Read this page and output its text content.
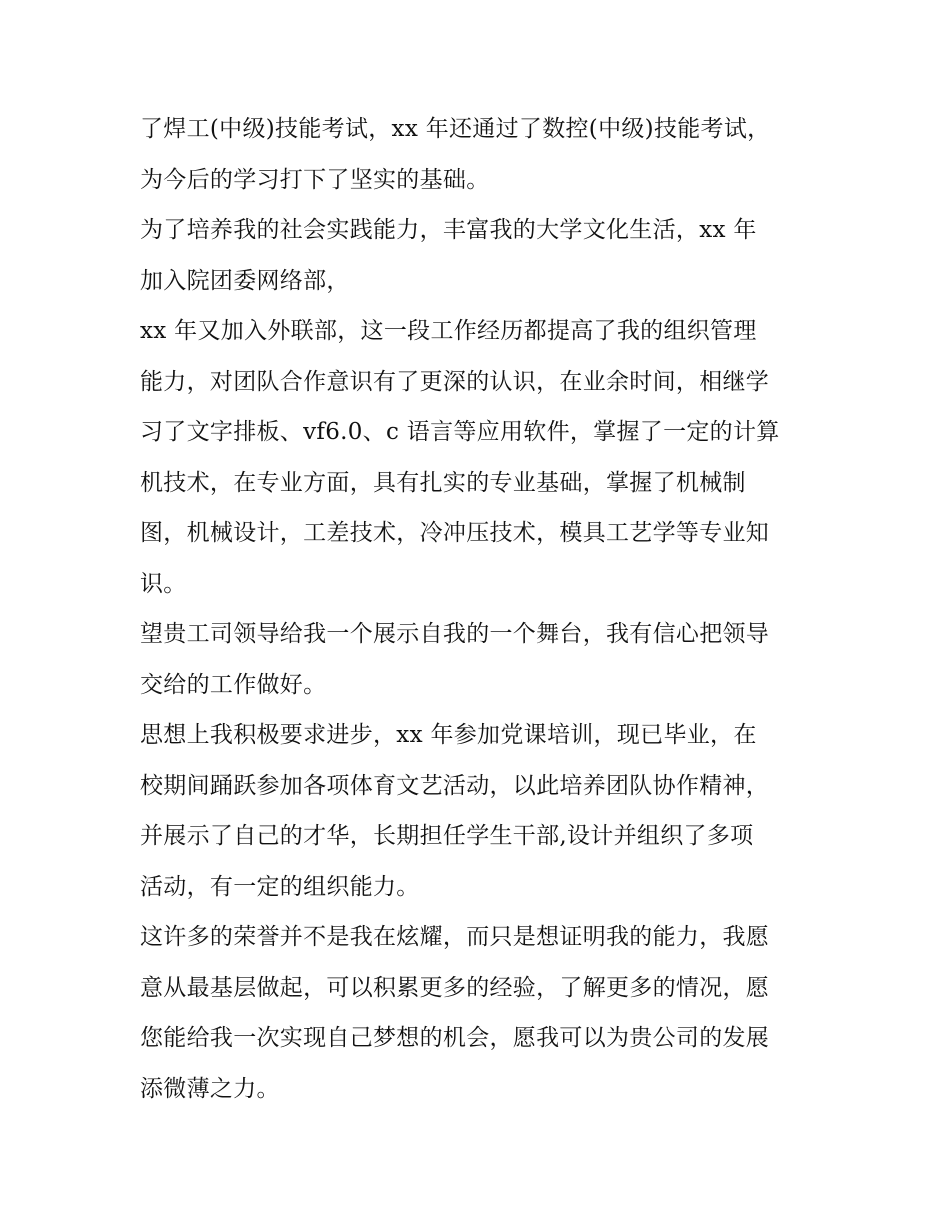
了焊工(中级)技能考试，xx 年还通过了数控(中级)技能考试，
为今后的学习打下了坚实的基础。
为了培养我的社会实践能力，丰富我的大学文化生活，xx 年
加入院团委网络部，
xx 年又加入外联部，这一段工作经历都提高了我的组织管理
能力，对团队合作意识有了更深的认识，在业余时间，相继学
习了文字排板、vf6.0、c 语言等应用软件，掌握了一定的计算
机技术，在专业方面，具有扎实的专业基础，掌握了机械制
图，机械设计，工差技术，冷冲压技术，模具工艺学等专业知
识。
望贵工司领导给我一个展示自我的一个舞台，我有信心把领导
交给的工作做好。
思想上我积极要求进步，xx 年参加党课培训，现已毕业，在
校期间踊跃参加各项体育文艺活动，以此培养团队协作精神，
并展示了自己的才华，长期担任学生干部,设计并组织了多项
活动，有一定的组织能力。
这许多的荣誉并不是我在炫耀，而只是想证明我的能力，我愿
意从最基层做起，可以积累更多的经验，了解更多的情况，愿
您能给我一次实现自己梦想的机会，愿我可以为贵公司的发展
添微薄之力。
